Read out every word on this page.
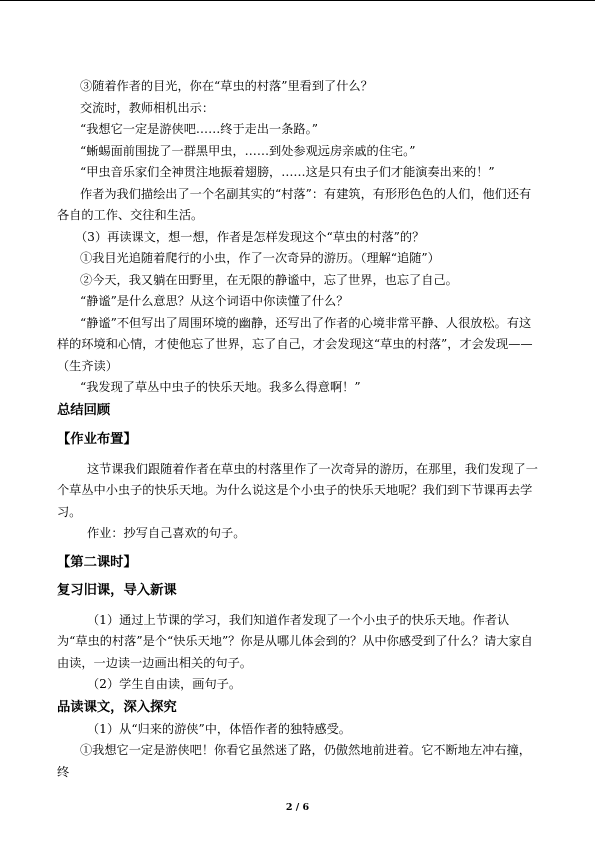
③随着作者的目光，你在“草虫的村落”里看到了什么？

交流时，教师相机出示：

“我想它一定是游侠吧……终于走出一条路。”

“蜥蜴面前围拢了一群黑甲虫，……到处参观远房亲戚的住宅。”

“甲虫音乐家们全神贯注地振着翅膀，……这是只有虫子们才能演奏出来的！”

作者为我们描绘出了一个名副其实的“村落”：有建筑，有形形色色的人们，他们还有各自的工作、交往和生活。

（3）再读课文，想一想，作者是怎样发现这个“草虫的村落”的？

①我目光追随着爬行的小虫，作了一次奇异的游历。（理解“追随”）

②今天，我又躺在田野里，在无限的静谧中，忘了世界，也忘了自己。

“静谧”是什么意思？从这个词语中你读懂了什么？

“静谧”不但写出了周围环境的幽静，还写出了作者的心境非常平静、人很放松。有这样的环境和心情，才使他忘了世界，忘了自己，才会发现这“草虫的村落”，才会发现——（生齐读）

“我发现了草丛中虫子的快乐天地。我多么得意啊！”

总结回顾

【作业布置】

这节课我们跟随着作者在草虫的村落里作了一次奇异的游历，在那里，我们发现了一个草丛中小虫子的快乐天地。为什么说这是个小虫子的快乐天地呢？我们到下节课再去学习。

作业：抄写自己喜欢的句子。

【第二课时】

复习旧课，导入新课

（1）通过上节课的学习，我们知道作者发现了一个小虫子的快乐天地。作者认为“草虫的村落”是个“快乐天地”？你是从哪儿体会到的？从中你感受到了什么？请大家自由读，一边读一边画出相关的句子。

（2）学生自由读，画句子。

品读课文，深入探究

（1）从“归来的游侠”中，体悟作者的独特感受。

①我想它一定是游侠吧！你看它虽然迷了路，仍傲然地前进着。它不断地左冲右撞，终

2 / 6
